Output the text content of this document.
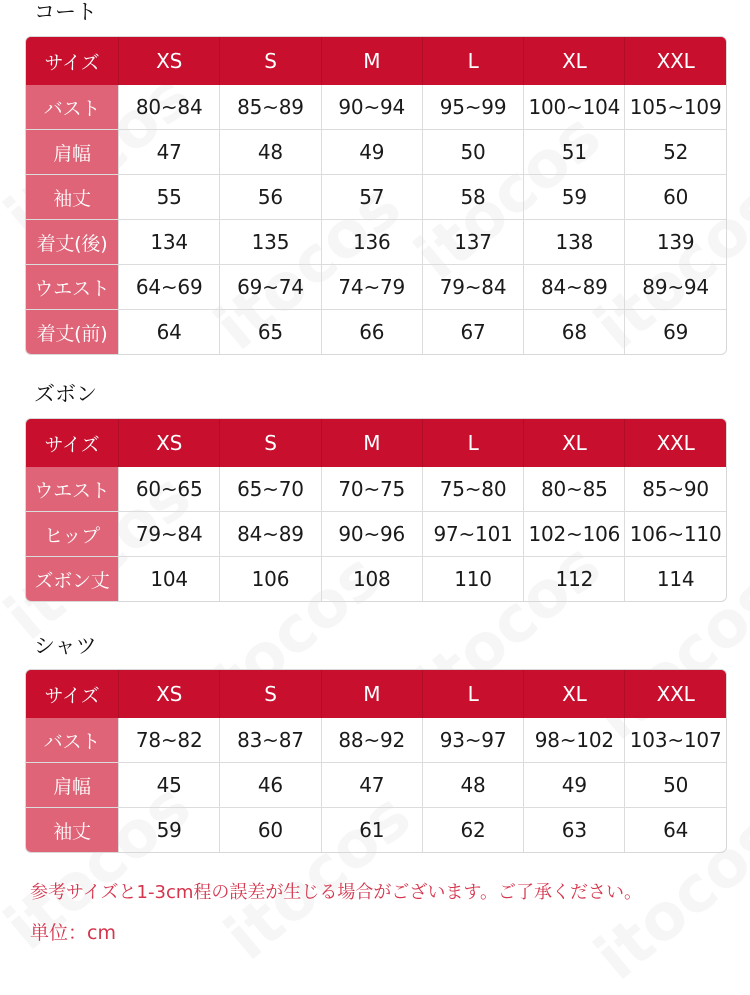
コート
サイズ	XS	S	M	L	XL	XXL
バスト	80~84	85~89	90~94	95~99	100~104 105~109
肩幅	47	48	49	50	51	52
袖丈	55	56	57	58	59	60
着丈(後)	134	135	136	137	138	139
ウエスト	64~69	69~74	74~79	79~84	84~89	89~94
着丈(前)	64	65	66	67	68	69
ズボン
サイズ	XS	S	M	L	XL	XXL
ウエスト	60~65	65~70	70~75	75~80	80~85	85~90
ヒップ	79~84	84~89	90~96	97~101 102~106 106~110
ズボン丈	104	106	108	110	112	114
シャツ
サイズ	XS	S	M	L	XL	XXL
バスト	78~82	83~87	88~92	93~97	98~102 103~107
肩幅	45	46	47	48	49	50
袖丈	59	60	61	62	63	64
参考サイズと1-3cm程の誤差が生じる場合がございます。ご了承ください。
単位：cm
